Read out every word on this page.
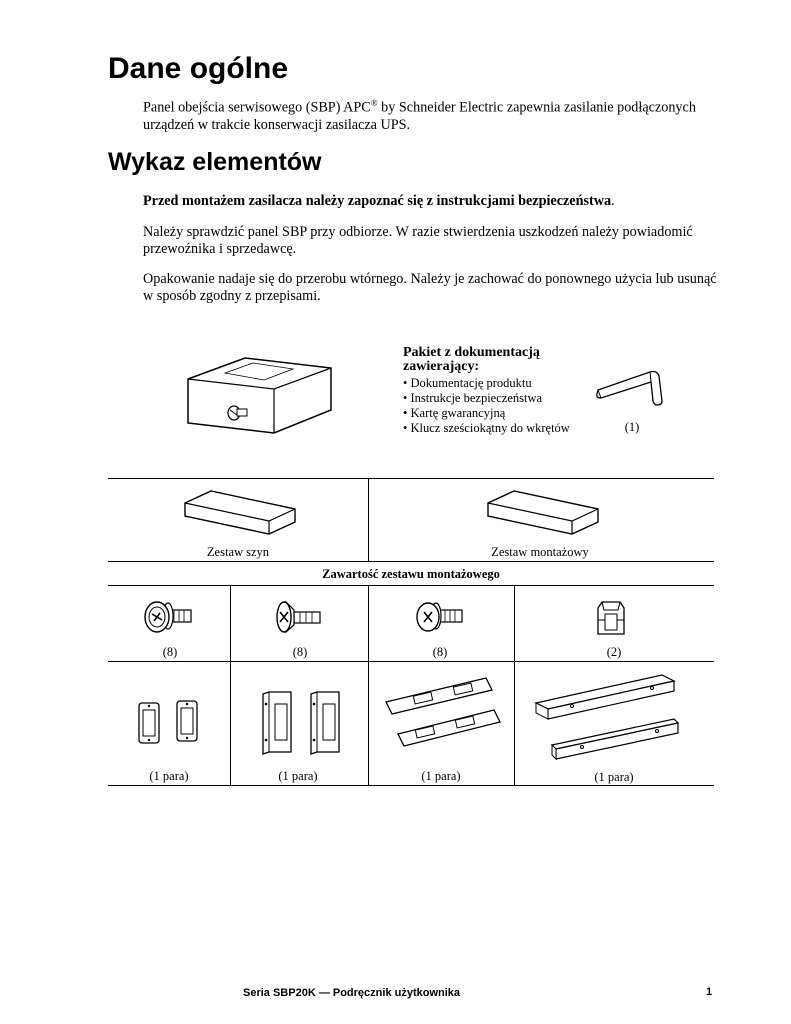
Dane ogólne

Panel obejścia serwisowego (SBP) APC® by Schneider Electric zapewnia zasilanie podłączonych urządzeń w trakcie konserwacji zasilacza UPS.

Wykaz elementów

Przed montażem zasilacza należy zapoznać się z instrukcjami bezpieczeństwa.

Należy sprawdzić panel SBP przy odbiorze. W razie stwierdzenia uszkodzeń należy powiadomić przewoźnika i sprzedawcę.

Opakowanie nadaje się do przerobu wtórnego. Należy je zachować do ponownego użycia lub usunąć w sposób zgodny z przepisami.

Pakiet z dokumentacją zawierający:
• Dokumentację produktu
• Instrukcje bezpieczeństwa
• Kartę gwarancyjną
• Klucz sześciokątny do wkrętów	(1)
Zestaw szyn	Zestaw montażowy
Zawartość zestawu montażowego
(8)	(8)	(8)	(2)
(1 para)	(1 para)	(1 para)	(1 para)
Seria SBP20K — Podręcznik użytkownika	1
